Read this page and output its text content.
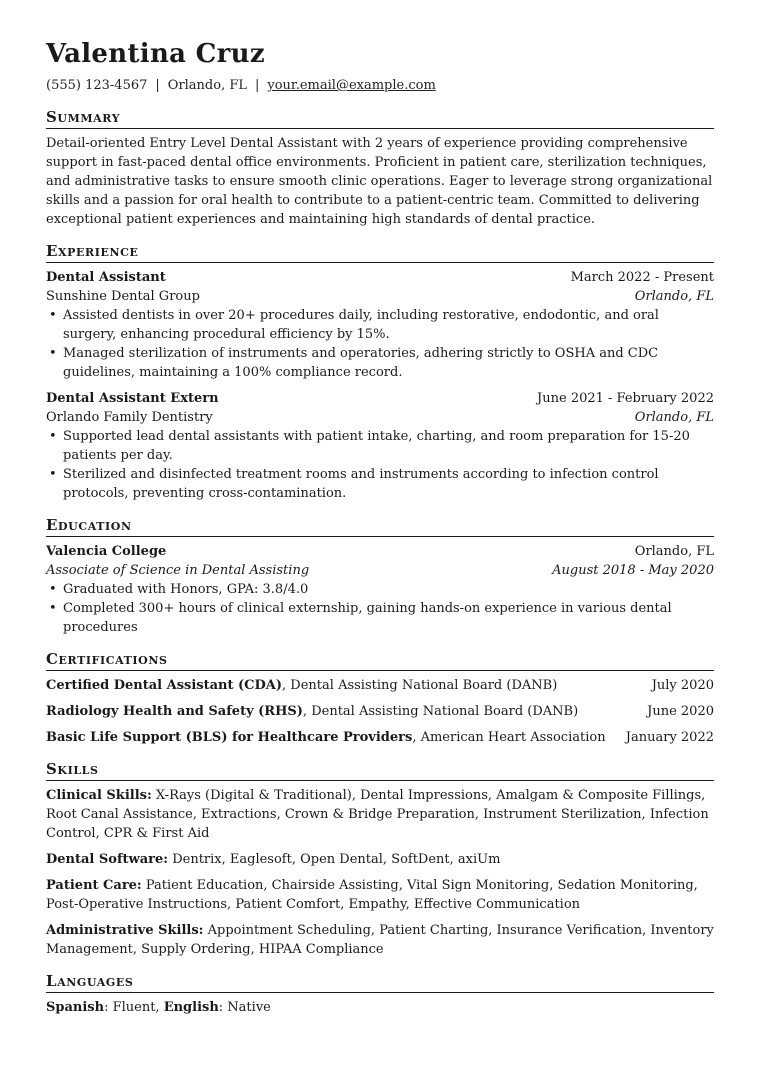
Valentina Cruz
(555) 123-4567 | Orlando, FL | your.email@example.com
Summary
Detail-oriented Entry Level Dental Assistant with 2 years of experience providing comprehensive support in fast-paced dental office environments. Proficient in patient care, sterilization techniques, and administrative tasks to ensure smooth clinic operations. Eager to leverage strong organizational skills and a passion for oral health to contribute to a patient-centric team. Committed to delivering exceptional patient experiences and maintaining high standards of dental practice.
Experience
Dental Assistant	March 2022 - Present
Sunshine Dental Group	Orlando, FL
• Assisted dentists in over 20+ procedures daily, including restorative, endodontic, and oral surgery, enhancing procedural efficiency by 15%.
• Managed sterilization of instruments and operatories, adhering strictly to OSHA and CDC guidelines, maintaining a 100% compliance record.
Dental Assistant Extern	June 2021 - February 2022
Orlando Family Dentistry	Orlando, FL
• Supported lead dental assistants with patient intake, charting, and room preparation for 15-20 patients per day.
• Sterilized and disinfected treatment rooms and instruments according to infection control protocols, preventing cross-contamination.
Education
Valencia College	Orlando, FL
Associate of Science in Dental Assisting	August 2018 - May 2020
• Graduated with Honors, GPA: 3.8/4.0
• Completed 300+ hours of clinical externship, gaining hands-on experience in various dental procedures
Certifications
Certified Dental Assistant (CDA), Dental Assisting National Board (DANB)	July 2020
Radiology Health and Safety (RHS), Dental Assisting National Board (DANB)	June 2020
Basic Life Support (BLS) for Healthcare Providers, American Heart Association January 2022
Skills
Clinical Skills: X-Rays (Digital & Traditional), Dental Impressions, Amalgam & Composite Fillings, Root Canal Assistance, Extractions, Crown & Bridge Preparation, Instrument Sterilization, Infection Control, CPR & First Aid
Dental Software: Dentrix, Eaglesoft, Open Dental, SoftDent, axiUm
Patient Care: Patient Education, Chairside Assisting, Vital Sign Monitoring, Sedation Monitoring, Post-Operative Instructions, Patient Comfort, Empathy, Effective Communication
Administrative Skills: Appointment Scheduling, Patient Charting, Insurance Verification, Inventory Management, Supply Ordering, HIPAA Compliance
Languages
Spanish: Fluent, English: Native
